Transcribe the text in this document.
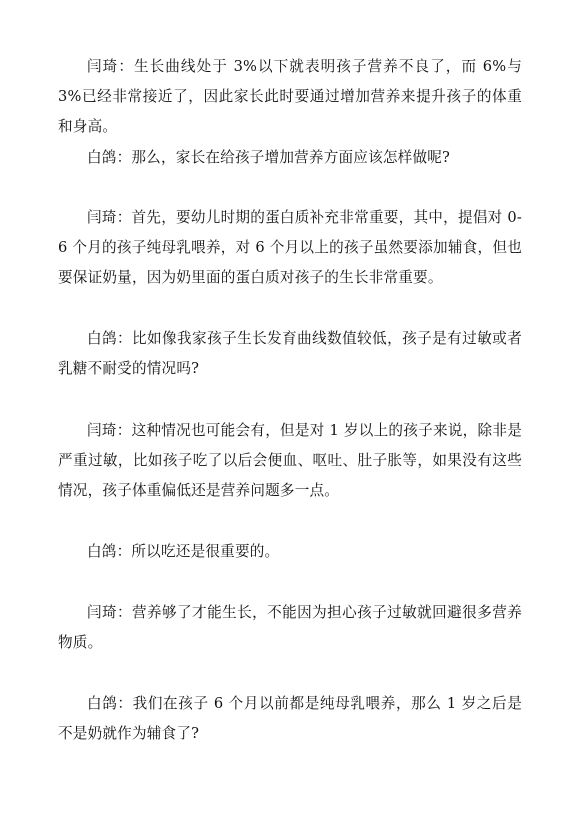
闫琦：生长曲线处于 3%以下就表明孩子营养不良了，而 6%与 3%已经非常接近了，因此家长此时要通过增加营养来提升孩子的体重和身高。

白鸽：那么，家长在给孩子增加营养方面应该怎样做呢?

闫琦：首先，要幼儿时期的蛋白质补充非常重要，其中，提倡对 0-6 个月的孩子纯母乳喂养，对 6 个月以上的孩子虽然要添加辅食，但也要保证奶量，因为奶里面的蛋白质对孩子的生长非常重要。

白鸽：比如像我家孩子生长发育曲线数值较低，孩子是有过敏或者乳糖不耐受的情况吗?

闫琦：这种情况也可能会有，但是对 1 岁以上的孩子来说，除非是严重过敏，比如孩子吃了以后会便血、呕吐、肚子胀等，如果没有这些情况，孩子体重偏低还是营养问题多一点。

白鸽：所以吃还是很重要的。

闫琦：营养够了才能生长，不能因为担心孩子过敏就回避很多营养物质。

白鸽：我们在孩子 6 个月以前都是纯母乳喂养，那么 1 岁之后是不是奶就作为辅食了?
